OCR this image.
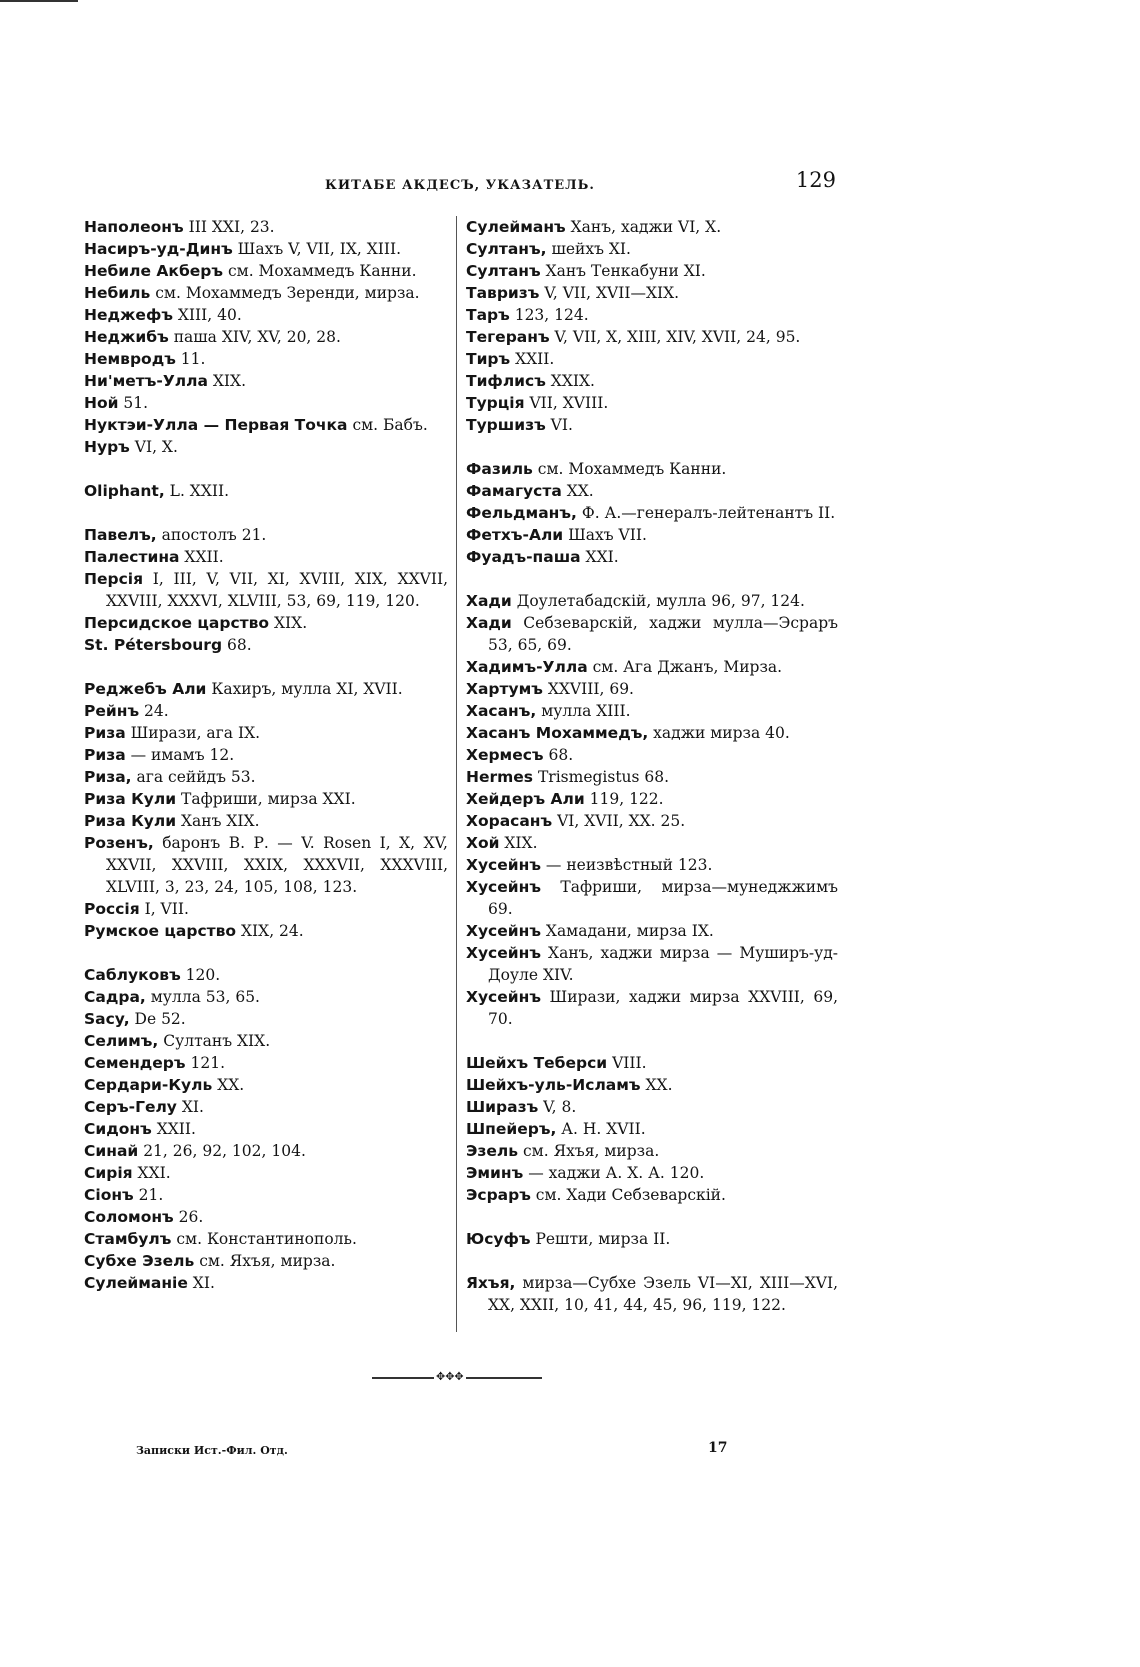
КИТАБЕ АКДЕСЪ, УКАЗАТЕЛЬ.	129
Наполеонъ III XXI, 23.
Насиръ-уд-Динъ Шахъ V, VII, IX, XIII.
Небиле Акберъ см. Мохаммедъ Канни.
Небиль см. Мохаммедъ Зеренди, мирза.
Неджефъ XIII, 40.
Неджибъ паша XIV, XV, 20, 28.
Немвродъ 11.
Ни'метъ-Улла XIX.
Ной 51.
Нуктэи-Улла — Первая Точка см. Бабъ.
Нуръ VI, X.
Oliphant, L. XXII.
Павелъ, апостолъ 21.
Палестина XXII.
Персія I, III, V, VII, XI, XVIII, XIX, XXVII, XXVIII, XXXVI, XLVIII, 53, 69, 119, 120.
Персидское царство XIX.
St. Pétersbourg 68.
Реджебъ Али Кахиръ, мулла XI, XVII.
Рейнъ 24.
Риза Ширази, ага IX.
Риза — имамъ 12.
Риза, ага сеййдъ 53.
Риза Кули Тафриши, мирза XXI.
Риза Кули Ханъ XIX.
Розенъ, баронъ В. Р. — V. Rosen I, X, XV, XXVII, XXVIII, XXIX, XXXVII, XXXVIII, XLVIII, 3, 23, 24, 105, 108, 123.
Россія I, VII.
Румское царство XIX, 24.
Саблуковъ 120.
Садра, мулла 53, 65.
Sacy, De 52.
Селимъ, Султанъ XIX.
Семендеръ 121.
Сердари-Куль XX.
Серъ-Гелу XI.
Сидонъ XXII.
Синай 21, 26, 92, 102, 104.
Сирія XXI.
Сіонъ 21.
Соломонъ 26.
Стамбулъ см. Константинополь.
Субхе Эзель см. Яхъя, мирза.
Сулейманіе XI.
Сулейманъ Ханъ, хаджи VI, X.
Султанъ, шейхъ XI.
Султанъ Ханъ Тенкабуни XI.
Тавризъ V, VII, XVII—XIX.
Таръ 123, 124.
Тегеранъ V, VII, X, XIII, XIV, XVII, 24, 95.
Тиръ XXII.
Тифлисъ XXIX.
Турція VII, XVIII.
Туршизъ VI.
Фазиль см. Мохаммедъ Канни.
Фамагуста XX.
Фельдманъ, Ф. А.—генералъ-лейтенантъ II.
Фетхъ-Али Шахъ VII.
Фуадъ-паша XXI.
Хади Доулетабадскій, мулла 96, 97, 124.
Хади Себзеварскій, хаджи мулла—Эсраръ 53, 65, 69.
Хадимъ-Улла см. Ага Джанъ, Мирза.
Хартумъ XXVIII, 69.
Хасанъ, мулла XIII.
Хасанъ Мохаммедъ, хаджи мирза 40.
Хермесъ 68.
Hermes Trismegistus 68.
Хейдеръ Али 119, 122.
Хорасанъ VI, XVII, XX. 25.
Хой XIX.
Хусейнъ — неизвѣстный 123.
Хусейнъ Тафриши, мирза—мунеджжимъ 69.
Хусейнъ Хамадани, мирза IX.
Хусейнъ Ханъ, хаджи мирза — Муширъ-уд-Доуле XIV.
Хусейнъ Ширази, хаджи мирза XXVIII, 69, 70.
Шейхъ Теберси VIII.
Шейхъ-уль-Исламъ XX.
Ширазъ V, 8.
Шпейеръ, А. Н. XVII.
Эзель см. Яхъя, мирза.
Эминъ — хаджи А. Х. А. 120.
Эсраръ см. Хади Себзеварскій.
Юсуфъ Решти, мирза II.
Яхъя, мирза—Субхе Эзель VI—XI, XIII—XVI, XX, XXII, 10, 41, 44, 45, 96, 119, 122.
✥✥✥
Записки Ист.-Фил. Отд.	17
